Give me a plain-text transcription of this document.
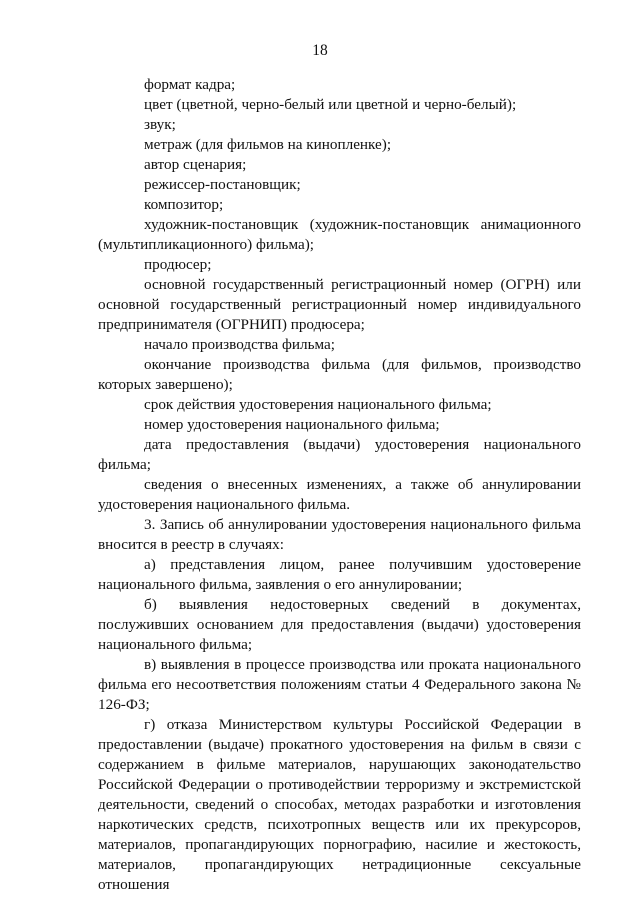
18

формат кадра;

цвет (цветной, черно-белый или цветной и черно-белый);

звук;

метраж (для фильмов на кинопленке);

автор сценария;

режиссер-постановщик;

композитор;

художник-постановщик (художник-постановщик анимационного (мультипликационного) фильма);

продюсер;

основной государственный регистрационный номер (ОГРН) или основной государственный регистрационный номер индивидуального предпринимателя (ОГРНИП) продюсера;

начало производства фильма;

окончание производства фильма (для фильмов, производство которых завершено);

срок действия удостоверения национального фильма;

номер удостоверения национального фильма;

дата предоставления (выдачи) удостоверения национального фильма;

сведения о внесенных изменениях, а также об аннулировании удостоверения национального фильма.

3. Запись об аннулировании удостоверения национального фильма вносится в реестр в случаях:

а) представления лицом, ранее получившим удостоверение национального фильма, заявления о его аннулировании;

б) выявления недостоверных сведений в документах, послуживших основанием для предоставления (выдачи) удостоверения национального фильма;

в) выявления в процессе производства или проката национального фильма его несоответствия положениям статьи 4 Федерального закона № 126-ФЗ;

г) отказа Министерством культуры Российской Федерации в предоставлении (выдаче) прокатного удостоверения на фильм в связи с содержанием в фильме материалов, нарушающих законодательство Российской Федерации о противодействии терроризму и экстремистской деятельности, сведений о способах, методах разработки и изготовления наркотических средств, психотропных веществ или их прекурсоров, материалов, пропагандирующих порнографию, насилие и жестокость, материалов, пропагандирующих нетрадиционные сексуальные отношения
